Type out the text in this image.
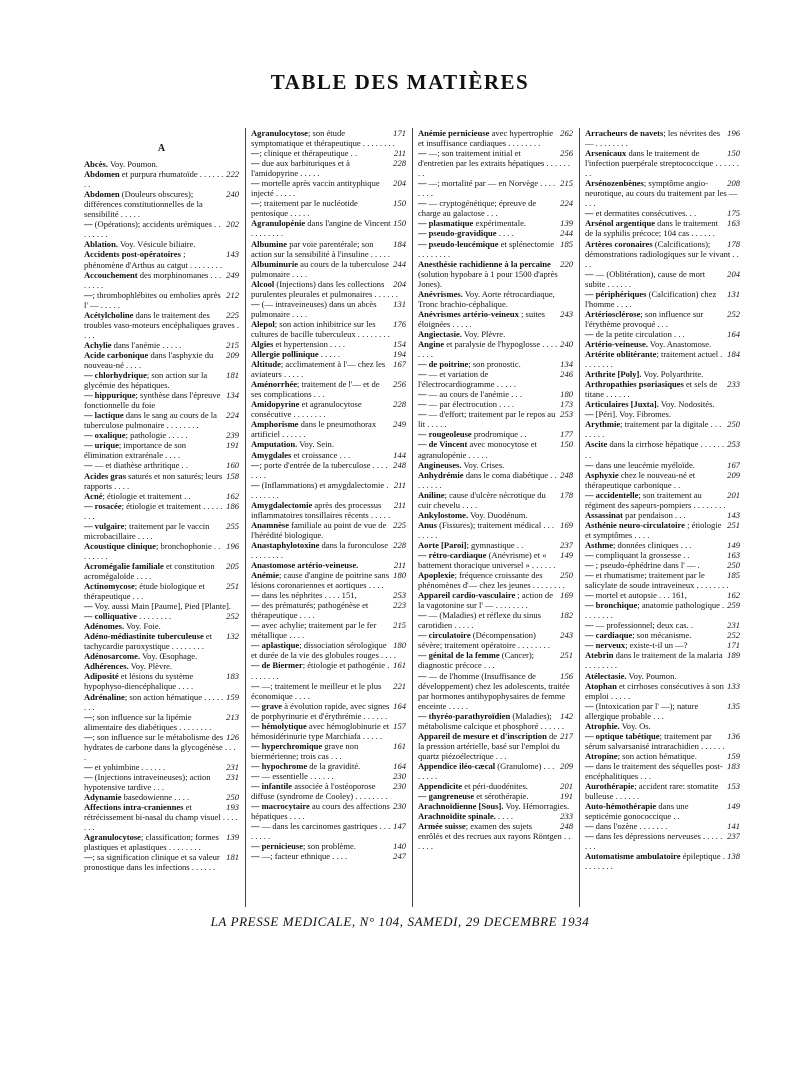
TABLE DES MATIÈRES
A
Abcès. Voy. Poumon.
222
Abdomen et purpura rhumatoïde . . . . . . . .
240
Abdomen (Douleurs obscures); différences constitutionnelles de la sensibilité . . . . .
202
— (Opérations); accidents urémiques . . . . . . . .
Ablation. Voy. Vésicule biliaire.
143
Accidents post-opératoires ; phénomène d'Arthus au catgut . . . . . . . .
249
Accouchement des morphinomanes . . . . . . . .
212
—; thrombophlébites ou embolies après l' — . . . . .
225
Acétylcholine dans le traitement des troubles vaso-moteurs encéphaliques graves . . . .
215
Achylie dans l'anémie . . . . .
209
Acide carbonique dans l'asphyxie du nouveau-né . . . .
181
— chlorhydrique; son action sur la glycémie des hépatiques.
134
— hippurique; synthèse dans l'épreuve fonctionnelle du foie
224
— lactique dans le sang au cours de la tuberculose pulmonaire . . . . . . . .
239
— oxalique; pathologie . . . . .
191
— urique; importance de son élimination extrarénale . . . .
160
— — et diathèse arthritique . .
158
Acides gras saturés et non saturés; leurs rapports . . . .
162
Acné; étiologie et traitement . .
186
— rosacée; étiologie et traitement . . . . . . . .
255
— vulgaire; traitement par le vaccin microbacillaire . . . .
196
Acoustique clinique; bronchophonie . . . . . . . .
205
Acromégalie familiale et constitution acromégaloïde . . . .
251
Actinomycose; étude biologique et thérapeutique . . .
— Voy. aussi Main [Paume], Pied [Plante].
252
— colliquative . . . . . . . .
Adénomes. Voy. Foie.
132
Adéno-médiastinite tuberculeuse et tachycardie paroxystique . . . . . . . .
Adénosarcome. Voy. Œsophage.
Adhérences. Voy. Plèvre.
183
Adiposité et lésions du système hypophyso-diencéphalique . . . .
159
Adrénaline; son action hématique . . . . . . . .
213
—; son influence sur la lipémie alimentaire des diabétiques . . . . . . . .
126
—; son influence sur le métabolisme des hydrates de carbone dans la glycogénèse . . . .
231
— et yohimbine . . . . . .
231
— (Injections intraveineuses); action hypotensive tardive . . .
250
Adynamie basedowienne . . . .
193
Affections intra-craniennes et rétrécissement bi-nasal du champ visuel . . . . . . .
139
Agranulocytose; classification; formes plastiques et aplastiques . . . . . . . .
181
—; sa signification clinique et sa valeur pronostique dans les infections . . . . . .
171
Agranulocytose; son étude symptomatique et thérapeutique . . . . . . . .
211
—; clinique et thérapeutique . .
228
— due aux barbituriques et à l'amidopyrine . . . . .
204
— mortelle après vaccin antityphique injecté . . . . .
150
—; traitement par le nucléotide pentosique . . . . .
150
Agranulopénie dans l'angine de Vincent . . . . . . . .
184
Albumine par voie parentérale; son action sur la sensibilité à l'insuline . . . . .
244
Albuminurie au cours de la tuberculose pulmonaire . . . .
204
Alcool (Injections) dans les collections purulentes pleurales et pulmonaires . . . . . .
131
— (— intraveineuses) dans un abcès pulmonaire . . . .
176
Alepol; son action inhibitrice sur les cultures de bacille tuberculeux . . . . . . . .
154
Algies et hypertension . . . .
194
Allergie pollinique . . . . .
167
Altitude; acclimatement à l'— chez les aviateurs . . . . .
256
Aménorrhée; traitement de l'— et de ses complications . . .
228
Amidopyrine et agranulocytose consécutive . . . . . . . .
249
Amphorisme dans le pneumothorax artificiel . . . . . .
Amputation. Voy. Sein.
144
Amygdales et croissance . . .
248
—; porte d'entrée de la tuberculose . . . . . . . .
211
— (Inflammations) et amygdalectomie . . . . . . . .
211
Amygdalectomie après des processus inflammatoires tonsillaires récents . . . . .
225
Anamnèse familiale au point de vue de l'hérédité biologique.
228
Anastaphylotoxine dans la furonculose . . . . . . . .
211
Anastomose artério-veineuse.
180
Anémie; cause d'angine de poitrine sans lésions coronariennes et aortiques . . . .
253
— dans les néphrites . . . . 151,
223
— des prématurés; pathogénèse et thérapeutique . . . .
215
— avec achylie; traitement par le fer métallique . . . .
180
— aplastique; dissociation sérologique et durée de la vie des globules rouges . . . .
161
— de Biermer; étiologie et pathogénie . . . . . . . .
221
— —; traitement le meilleur et le plus économique . . . .
164
— grave à évolution rapide, avec signes de porphyrinurie et d'érythrémie . . . . . .
157
— hémolytique avec hémoglobinurie et hémosidérinurie type Marchiafa . . . . .
161
— hyperchromique grave non biermérienne; trois cas . . .
164
— hypochrome de la gravidité.
230
— — essentielle . . . . . .
230
— infantile associée à l'ostéoporose diffuse (syndrome de Cooley) . . . . . . . .
230
— macrocytaire au cours des affections hépatiques . . . .
147
— — dans les carcinomes gastriques . . . . . . . .
140
— pernicieuse; son problème.
247
— —; facteur ethnique . . . .
262
Anémie pernicieuse avec hypertrophie et insuffisance cardiaques . . . . . . . .
256
— —; son traitement initial et d'entretien par les extraits hépatiques . . . . . . . .
215
— —; mortalité par — en Norvège . . . . . . . .
224
— — cryptogénétique; épreuve de charge au galactose . . .
139
— plasmatique expérimentale.
244
— pseudo-gravidique . . . .
185
— pseudo-leucémique et splénectomie . . . . . . . .
220
Anesthésie rachidienne à la percaïne (solution hypobare à 1 pour 1500 d'après Jones).
Anévrismes. Voy. Aorte rétrocardiaque, Tronc brachio-céphalique.
243
Anévrismes artério-veineux ; suites éloignées . . . . .
Angiectasie. Voy. Plèvre.
240
Angine et paralysie de l'hypoglosse . . . . . . . .
134
— de poitrine; son pronostic.
246
— — et variation de l'électrocardiogramme . . . . .
180
— — au cours de l'anémie . . .
173
— — par électrocution . . . .
253
— — d'effort; traitement par le repos au lit . . . . .
177
— rougeoleuse prodromique . .
150
— de Vincent avec monocytose et agranulopénie . . . . .
Angineuses. Voy. Crises.
248
Anhydrémie dans le coma diabétique . . . . . . . .
178
Aniline; cause d'ulcère nécrotique du cuir chevelu . . . .
Ankylostome. Voy. Duodénum.
169
Anus (Fissures); traitement médical . . . . . . . .
237
Aorte [Paroi]; gymnastique . .
149
— rétro-cardiaque (Anévrisme) et « battement thoracique universel » . . . . . .
250
Apoplexie; fréquence croissante des phénomènes d'— chez les jeunes . . . . . . . .
169
Appareil cardio-vasculaire ; action de la vagotonine sur l' — . . . . . . . .
182
— — (Maladies) et réflexe du sinus carotidien . . . . .
243
— circulatoire (Décompensation) sévère; traitement opératoire . . . . . . . .
251
— génital de la femme (Cancer); diagnostic précoce . . .
156
— — de l'homme (Insuffisance de développement) chez les adolescents, traitée par hormones antihypophysaires de femme enceinte . . . . .
142
— thyréo-parathyroïdien (Maladies); métabolisme calcique et phosphoré . . . . . .
217
Appareil de mesure et d'inscription de la pression artérielle, basé sur l'emploi du quartz piézoélectrique . . .
209
Appendice iléo-cæcal (Granulome) . . . . . . . .
201
Appendicite et péri-duodénites.
191
— gangreneuse et sérothérapie.
Arachnoïdienne [Sous]. Voy. Hémorragies.
233
Arachnoïdite spinale. . . . .
248
Armée suisse; examen des sujets enrôlés et des recrues aux rayons Röntgen . . . . . .
196
Arracheurs de navets; les névrites des — . . . . . . . .
150
Arsenicaux dans le traitement de l'infection puerpérale streptococcique . . . . . . . .
208
Arsénozenbènes; symptôme angio-neurotique, au cours du traitement par les — . . .
175
— et dermatites consécutives. . .
163
Arsénol argentique dans le traitement de la syphilis précoce; 104 cas . . . . . .
178
Artères coronaires (Calcifications); démonstrations radiologiques sur le vivant . . . .
204
— — (Oblitération), cause de mort subite . . . . . .
131
— périphériques (Calcification) chez l'homme . . . .
252
Artériosclérose; son influence sur l'érythème provoqué . . .
164
— de la petite circulation . . .
Artério-veineuse. Voy. Anastomose.
184
Artérite oblitérante; traitement actuel . . . . . . . .
Arthrite [Poly]. Voy. Polyarthrite.
233
Arthropathies psoriasiques et sels de titane . . . . . .
Articulaires [Juxta]. Voy. Nodosités.
— [Péri]. Voy. Fibromes.
250
Arythmie; traitement par la digitale . . . . . . . .
253
Ascite dans la cirrhose hépatique . . . . . . . .
167
— dans une leucémie myéloïde.
209
Asphyxie chez le nouveau-né et thérapeutique carbonique . .
201
— accidentelle; son traitement au régiment des sapeurs-pompiers . . . . . . . .
143
Assassinat par pendaison . . .
251
Asthénie neuro-circulatoire ; étiologie et symptômes . . . .
149
Asthme; données cliniques . . .
163
— compliquant la grossesse . .
250
— ; pseudo-éphédrine dans l' — .
185
— et rhumatisme; traitement par le salicylate de soude intraveineux . . . . . . . .
162
— mortel et autopsie . . . 161,
259
— bronchique; anatomie pathologique . . . . . . . .
231
— — professionnel; deux cas. .
252
— cardiaque; son mécanisme.
171
— nerveux; existe-t-il un —?
189
Atebrin dans le traitement de la malaria . . . . . . . .
Atélectasie. Voy. Poumon.
133
Atophan et cirrhoses consécutives à son emploi . . . . .
135
— (Intoxication par l' —); nature allergique probable . . .
Atrophie. Voy. Os.
136
— optique tabétique; traitement par sérum salvarsanisé intrarachidien . . . . . .
159
Atropine; son action hématique.
183
— dans le traitement des séquelles post-encéphalitiques . . .
153
Aurothérapie; accident rare: stomatite bulleuse . . . . . .
149
Auto-hémothérapie dans une septicémie gonococcique . .
141
— dans l'ozène . . . . . . .
237
— dans les dépressions nerveuses . . . . . . . .
138
Automatisme ambulatoire épileptique . . . . . . . .
LA PRESSE MEDICALE, N° 104, SAMEDI, 29 DECEMBRE 1934
